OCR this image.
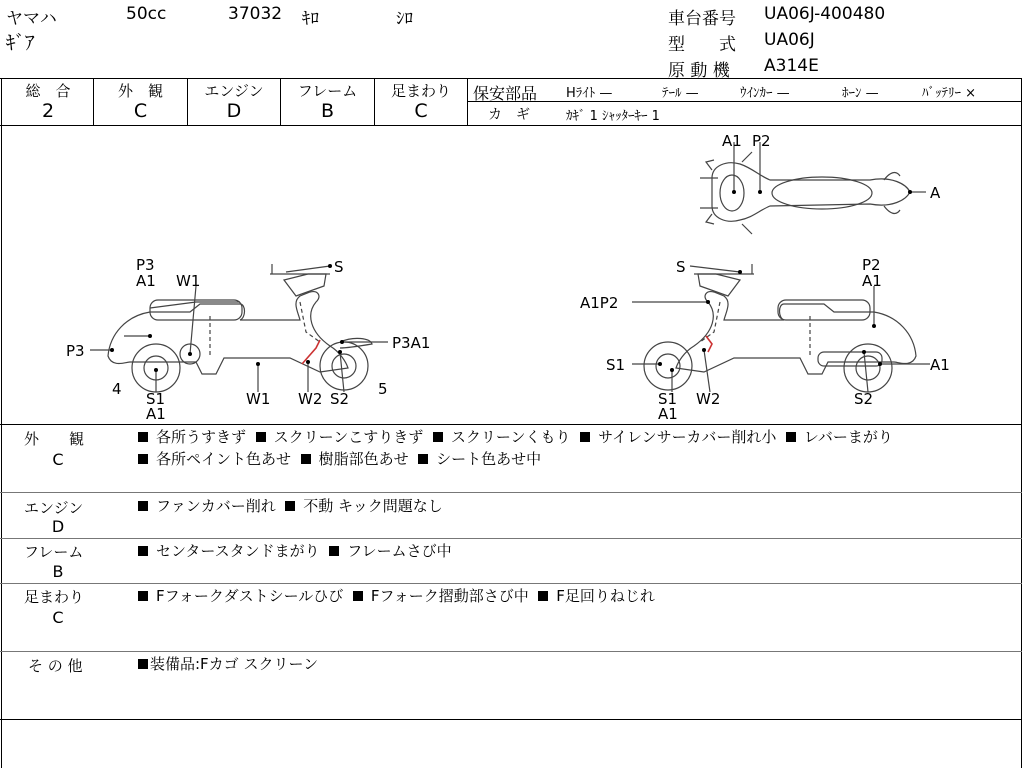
ヤマハ	50cc	37032 ｷﾛ	ｼﾛ
ｷﾞｱ
車台番号 UA06J-400480
型　　式 UA06J
原 動 機 A314E
総　合
2
外　観
C
エンジン
D
フレーム
B
足まわり
C
保安部品 Hﾗｲﾄ —	ﾃｰﾙ —	ｳｲﾝｶｰ —	ﾎｰﾝ —	ﾊﾞｯﾃﾘｰ ×
カ　ギ	ｶｷﾞ 1 ｼｬｯﾀｰｷｰ 1
A1 P2
A
P3
A1 W1
S
P3	P3A1
4
S1
A1
W1 W2 S2
5
S	P2
A1
A1P2
S1
S1
A1
W2	S2
A1
外　　観
C
各所うすきず スクリーンこすりきず スクリーンくもり サイレンサーカバー削れ小 レバーまがり
各所ペイント色あせ 樹脂部色あせ シート色あせ中
エンジン
D
ファンカバー削れ 不動 キック問題なし
フレーム
B
センタースタンドまがり フレームさび中
足まわり
C
Fフォークダストシールひび Fフォーク摺動部さび中 F足回りねじれ
そ の 他	装備品:Fカゴ スクリーン
